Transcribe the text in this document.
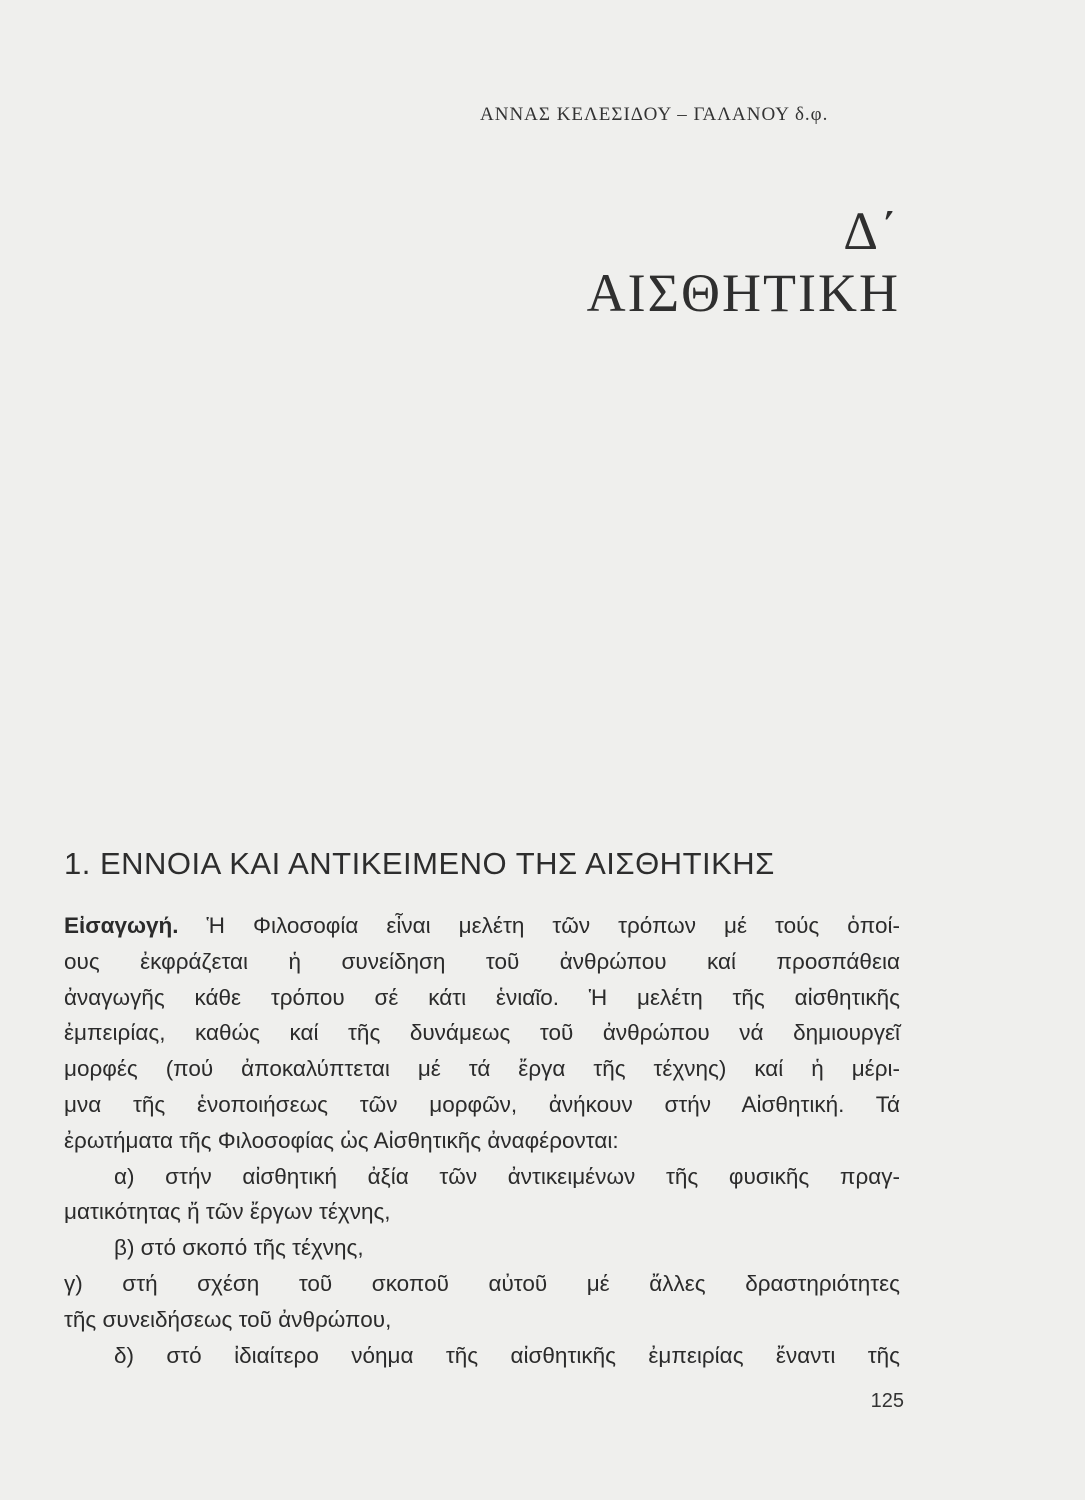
ΑΝΝΑΣ ΚΕΛΕΣΙΔΟΥ – ΓΑΛΑΝΟΥ δ.φ.
Δ΄ ΑΙΣΘΗΤΙΚΗ
1. ΕΝΝΟΙΑ ΚΑΙ ΑΝΤΙΚΕΙΜΕΝΟ ΤΗΣ ΑΙΣΘΗΤΙΚΗΣ
Εἰσαγωγή. Ἡ Φιλοσοφία εἶναι μελέτη τῶν τρόπων μέ τούς ὁποί-
ους ἐκφράζεται ἡ συνείδηση τοῦ ἀνθρώπου καί προσπάθεια
ἀναγωγῆς κάθε τρόπου σέ κάτι ἑνιαῖο. Ἡ μελέτη τῆς αἰσθητικῆς
ἐμπειρίας, καθώς καί τῆς δυνάμεως τοῦ ἀνθρώπου νά δημιουργεῖ
μορφές (πού ἀποκαλύπτεται μέ τά ἔργα τῆς τέχνης) καί ἡ μέρι-
μνα τῆς ἑνοποιήσεως τῶν μορφῶν, ἀνήκουν στήν Αἰσθητική. Τά
ἐρωτήματα τῆς Φιλοσοφίας ὡς Αἰσθητικῆς ἀναφέρονται:
α) στήν αἰσθητική ἀξία τῶν ἀντικειμένων τῆς φυσικῆς πραγ-
ματικότητας ἤ τῶν ἔργων τέχνης,
β) στό σκοπό τῆς τέχνης,
γ) στή σχέση τοῦ σκοποῦ αὐτοῦ μέ ἄλλες δραστηριότητες
τῆς συνειδήσεως τοῦ ἀνθρώπου,
δ) στό ἰδιαίτερο νόημα τῆς αἰσθητικῆς ἐμπειρίας ἔναντι τῆς
125
